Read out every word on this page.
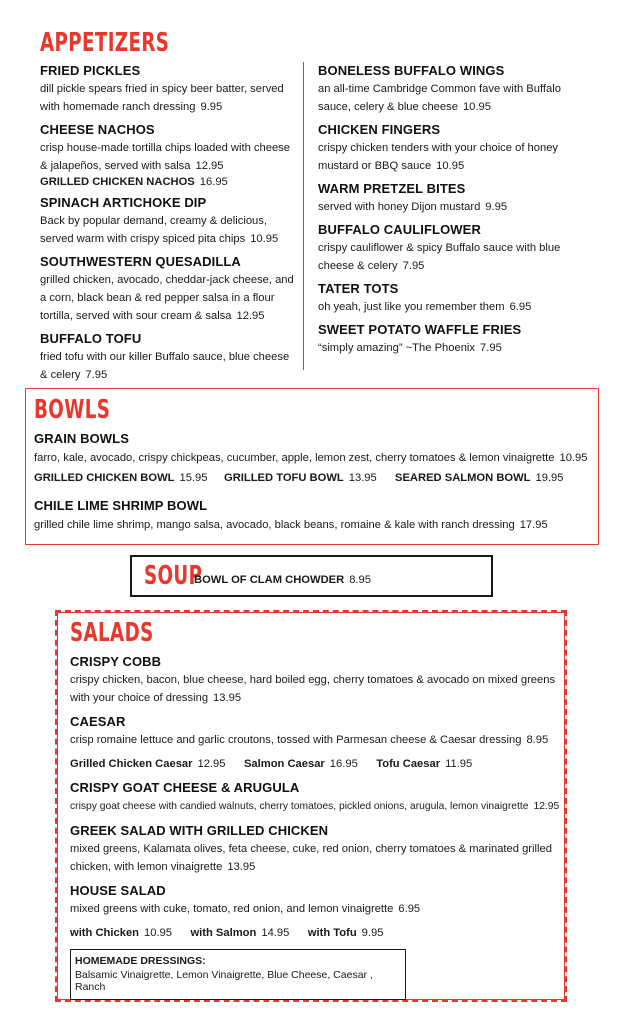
APPETIZERS
FRIED PICKLES
dill pickle spears fried in spicy beer batter, served with homemade ranch dressing 9.95
CHEESE NACHOS
crisp house-made tortilla chips loaded with cheese & jalapeños, served with salsa 12.95
GRILLED CHICKEN NACHOS 16.95
SPINACH ARTICHOKE DIP
Back by popular demand, creamy & delicious, served warm with crispy spiced pita chips 10.95
SOUTHWESTERN QUESADILLA
grilled chicken, avocado, cheddar-jack cheese, and a corn, black bean & red pepper salsa in a flour tortilla, served with sour cream & salsa 12.95
BUFFALO TOFU
fried tofu with our killer Buffalo sauce, blue cheese & celery 7.95
BONELESS BUFFALO WINGS
an all-time Cambridge Common fave with Buffalo sauce, celery & blue cheese 10.95
CHICKEN FINGERS
crispy chicken tenders with your choice of honey mustard or BBQ sauce 10.95
WARM PRETZEL BITES
served with honey Dijon mustard 9.95
BUFFALO CAULIFLOWER
crispy cauliflower & spicy Buffalo sauce with blue cheese & celery 7.95
TATER TOTS
oh yeah, just like you remember them 6.95
SWEET POTATO WAFFLE FRIES
“simply amazing” ~The Phoenix 7.95
BOWLS
GRAIN BOWLS
farro, kale, avocado, crispy chickpeas, cucumber, apple, lemon zest, cherry tomatoes & lemon vinaigrette 10.95
GRILLED CHICKEN BOWL 15.95	GRILLED TOFU BOWL 13.95	SEARED SALMON BOWL 19.95
CHILE LIME SHRIMP BOWL
grilled chile lime shrimp, mango salsa, avocado, black beans, romaine & kale with ranch dressing 17.95
SOUP
BOWL OF CLAM CHOWDER 8.95
SALADS
CRISPY COBB
crispy chicken, bacon, blue cheese, hard boiled egg, cherry tomatoes & avocado on mixed greens with your choice of dressing 13.95
CAESAR
crisp romaine lettuce and garlic croutons, tossed with Parmesan cheese & Caesar dressing 8.95
Grilled Chicken Caesar 12.95 Salmon Caesar 16.95 Tofu Caesar 11.95
CRISPY GOAT CHEESE & ARUGULA
crispy goat cheese with candied walnuts, cherry tomatoes, pickled onions, arugula, lemon vinaigrette 12.95
GREEK SALAD WITH GRILLED CHICKEN
mixed greens, Kalamata olives, feta cheese, cuke, red onion, cherry tomatoes & marinated grilled chicken, with lemon vinaigrette 13.95
HOUSE SALAD
mixed greens with cuke, tomato, red onion, and lemon vinaigrette 6.95
with Chicken 10.95 with Salmon 14.95 with Tofu 9.95
HOMEMADE DRESSINGS:
Balsamic Vinaigrette, Lemon Vinaigrette, Blue Cheese, Caesar , Ranch
